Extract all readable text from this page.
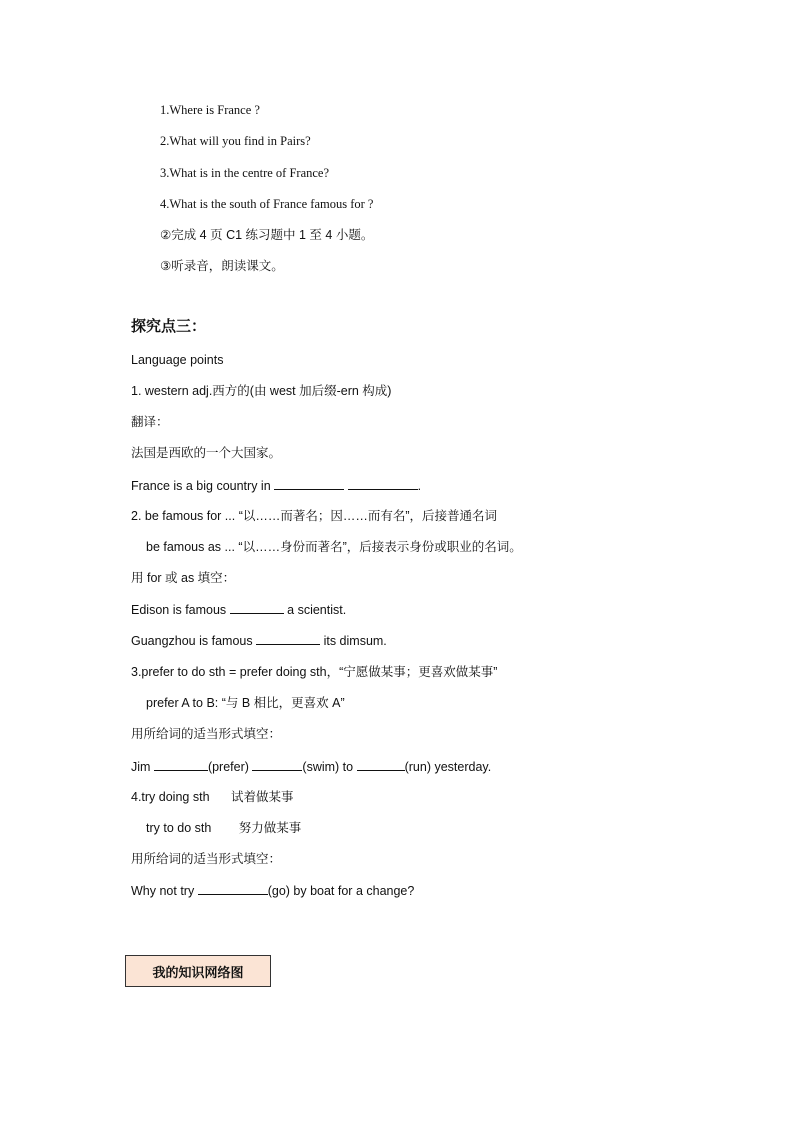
1.Where is France ?
2.What will you find in Pairs?
3.What is in the centre of France?
4.What is the south of France famous for ?
②完成 4 页 C1 练习题中 1 至 4 小题。
③听录音，朗读课文。
探究点三：
Language points
1. western adj.西方的(由 west 加后缀-ern 构成)
翻译：
法国是西欧的一个大国家。
France is a big country in	.
2. be famous for ... “以……而著名；因……而有名”，后接普通名词
be famous as ... “以……身份而著名”，后接表示身份或职业的名词。
用 for 或 as 填空：
Edison is famous	a scientist.
Guangzhou is famous	its dimsum.
3.prefer to do sth = prefer doing sth，“宁愿做某事；更喜欢做某事”
prefer A to B: “与 B 相比，更喜欢 A”
用所给词的适当形式填空：
Jim	(prefer)	(swim) to	(run) yesterday.
4.try doing sth 试着做某事
try to do sth 努力做某事
用所给词的适当形式填空：
Why not try	(go) by boat for a change?
我的知识网络图
